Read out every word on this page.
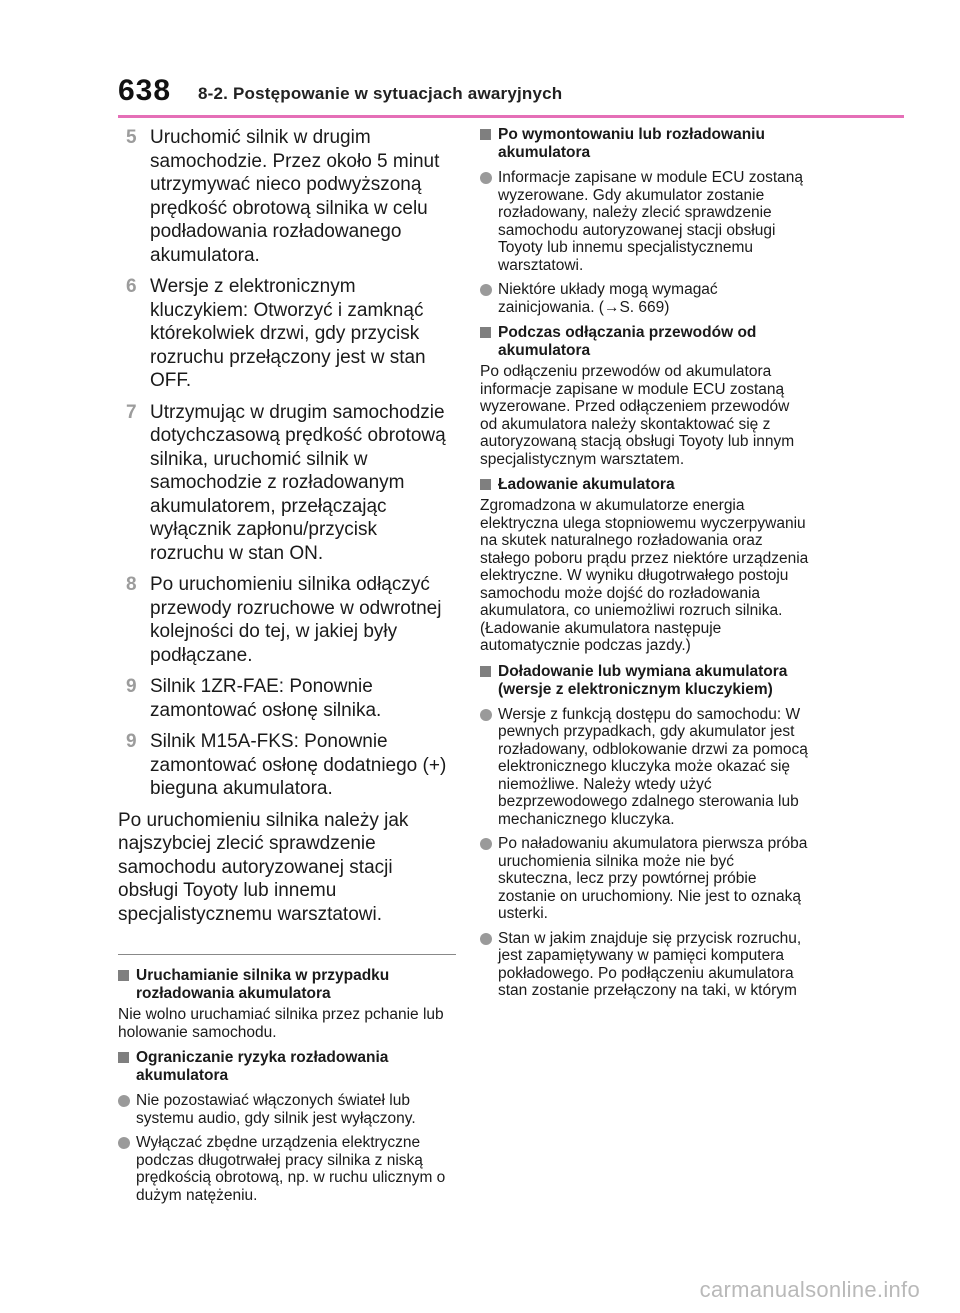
638 8-2. Postępowanie w sytuacjach awaryjnych
5 Uruchomić silnik w drugim samochodzie. Przez około 5 minut utrzymywać nieco podwyższoną prędkość obrotową silnika w celu podładowania rozładowanego akumulatora.
6 Wersje z elektronicznym kluczykiem: Otworzyć i zamknąć którekolwiek drzwi, gdy przycisk rozruchu przełączony jest w stan OFF.
7 Utrzymując w drugim samochodzie dotychczasową prędkość obrotową silnika, uruchomić silnik w samochodzie z rozładowanym akumulatorem, przełączając wyłącznik zapłonu/przycisk rozruchu w stan ON.
8 Po uruchomieniu silnika odłączyć przewody rozruchowe w odwrotnej kolejności do tej, w jakiej były podłączane.
9 Silnik 1ZR-FAE: Ponownie zamontować osłonę silnika.
9 Silnik M15A-FKS: Ponownie zamontować osłonę dodatniego (+) bieguna akumulatora.
Po uruchomieniu silnika należy jak najszybciej zlecić sprawdzenie samochodu autoryzowanej stacji obsługi Toyoty lub innemu specjalistycznemu warsztatowi.
Uruchamianie silnika w przypadku rozładowania akumulatora
Nie wolno uruchamiać silnika przez pchanie lub holowanie samochodu.
Ograniczanie ryzyka rozładowania akumulatora
Nie pozostawiać włączonych świateł lub systemu audio, gdy silnik jest wyłączony.
Wyłączać zbędne urządzenia elektryczne podczas długotrwałej pracy silnika z niską prędkością obrotową, np. w ruchu ulicznym o dużym natężeniu.
Po wymontowaniu lub rozładowaniu akumulatora
Informacje zapisane w module ECU zostaną wyzerowane. Gdy akumulator zostanie rozładowany, należy zlecić sprawdzenie samochodu autoryzowanej stacji obsługi Toyoty lub innemu specjalistycznemu warsztatowi.
Niektóre układy mogą wymagać zainicjowania. (→S. 669)
Podczas odłączania przewodów od akumulatora
Po odłączeniu przewodów od akumulatora informacje zapisane w module ECU zostaną wyzerowane. Przed odłączeniem przewodów od akumulatora należy skontaktować się z autoryzowaną stacją obsługi Toyoty lub innym specjalistycznym warsztatem.
Ładowanie akumulatora
Zgromadzona w akumulatorze energia elektryczna ulega stopniowemu wyczerpywaniu na skutek naturalnego rozładowania oraz stałego poboru prądu przez niektóre urządzenia elektryczne. W wyniku długotrwałego postoju samochodu może dojść do rozładowania akumulatora, co uniemożliwi rozruch silnika. (Ładowanie akumulatora następuje automatycznie podczas jazdy.)
Doładowanie lub wymiana akumulatora (wersje z elektronicznym kluczykiem)
Wersje z funkcją dostępu do samochodu: W pewnych przypadkach, gdy akumulator jest rozładowany, odblokowanie drzwi za pomocą elektronicznego kluczyka może okazać się niemożliwe. Należy wtedy użyć bezprzewodowego zdalnego sterowania lub mechanicznego kluczyka.
Po naładowaniu akumulatora pierwsza próba uruchomienia silnika może nie być skuteczna, lecz przy powtórnej próbie zostanie on uruchomiony. Nie jest to oznaką usterki.
Stan w jakim znajduje się przycisk rozruchu, jest zapamiętywany w pamięci komputera pokładowego. Po podłączeniu akumulatora stan zostanie przełączony na taki, w którym
carmanualsonline.info
